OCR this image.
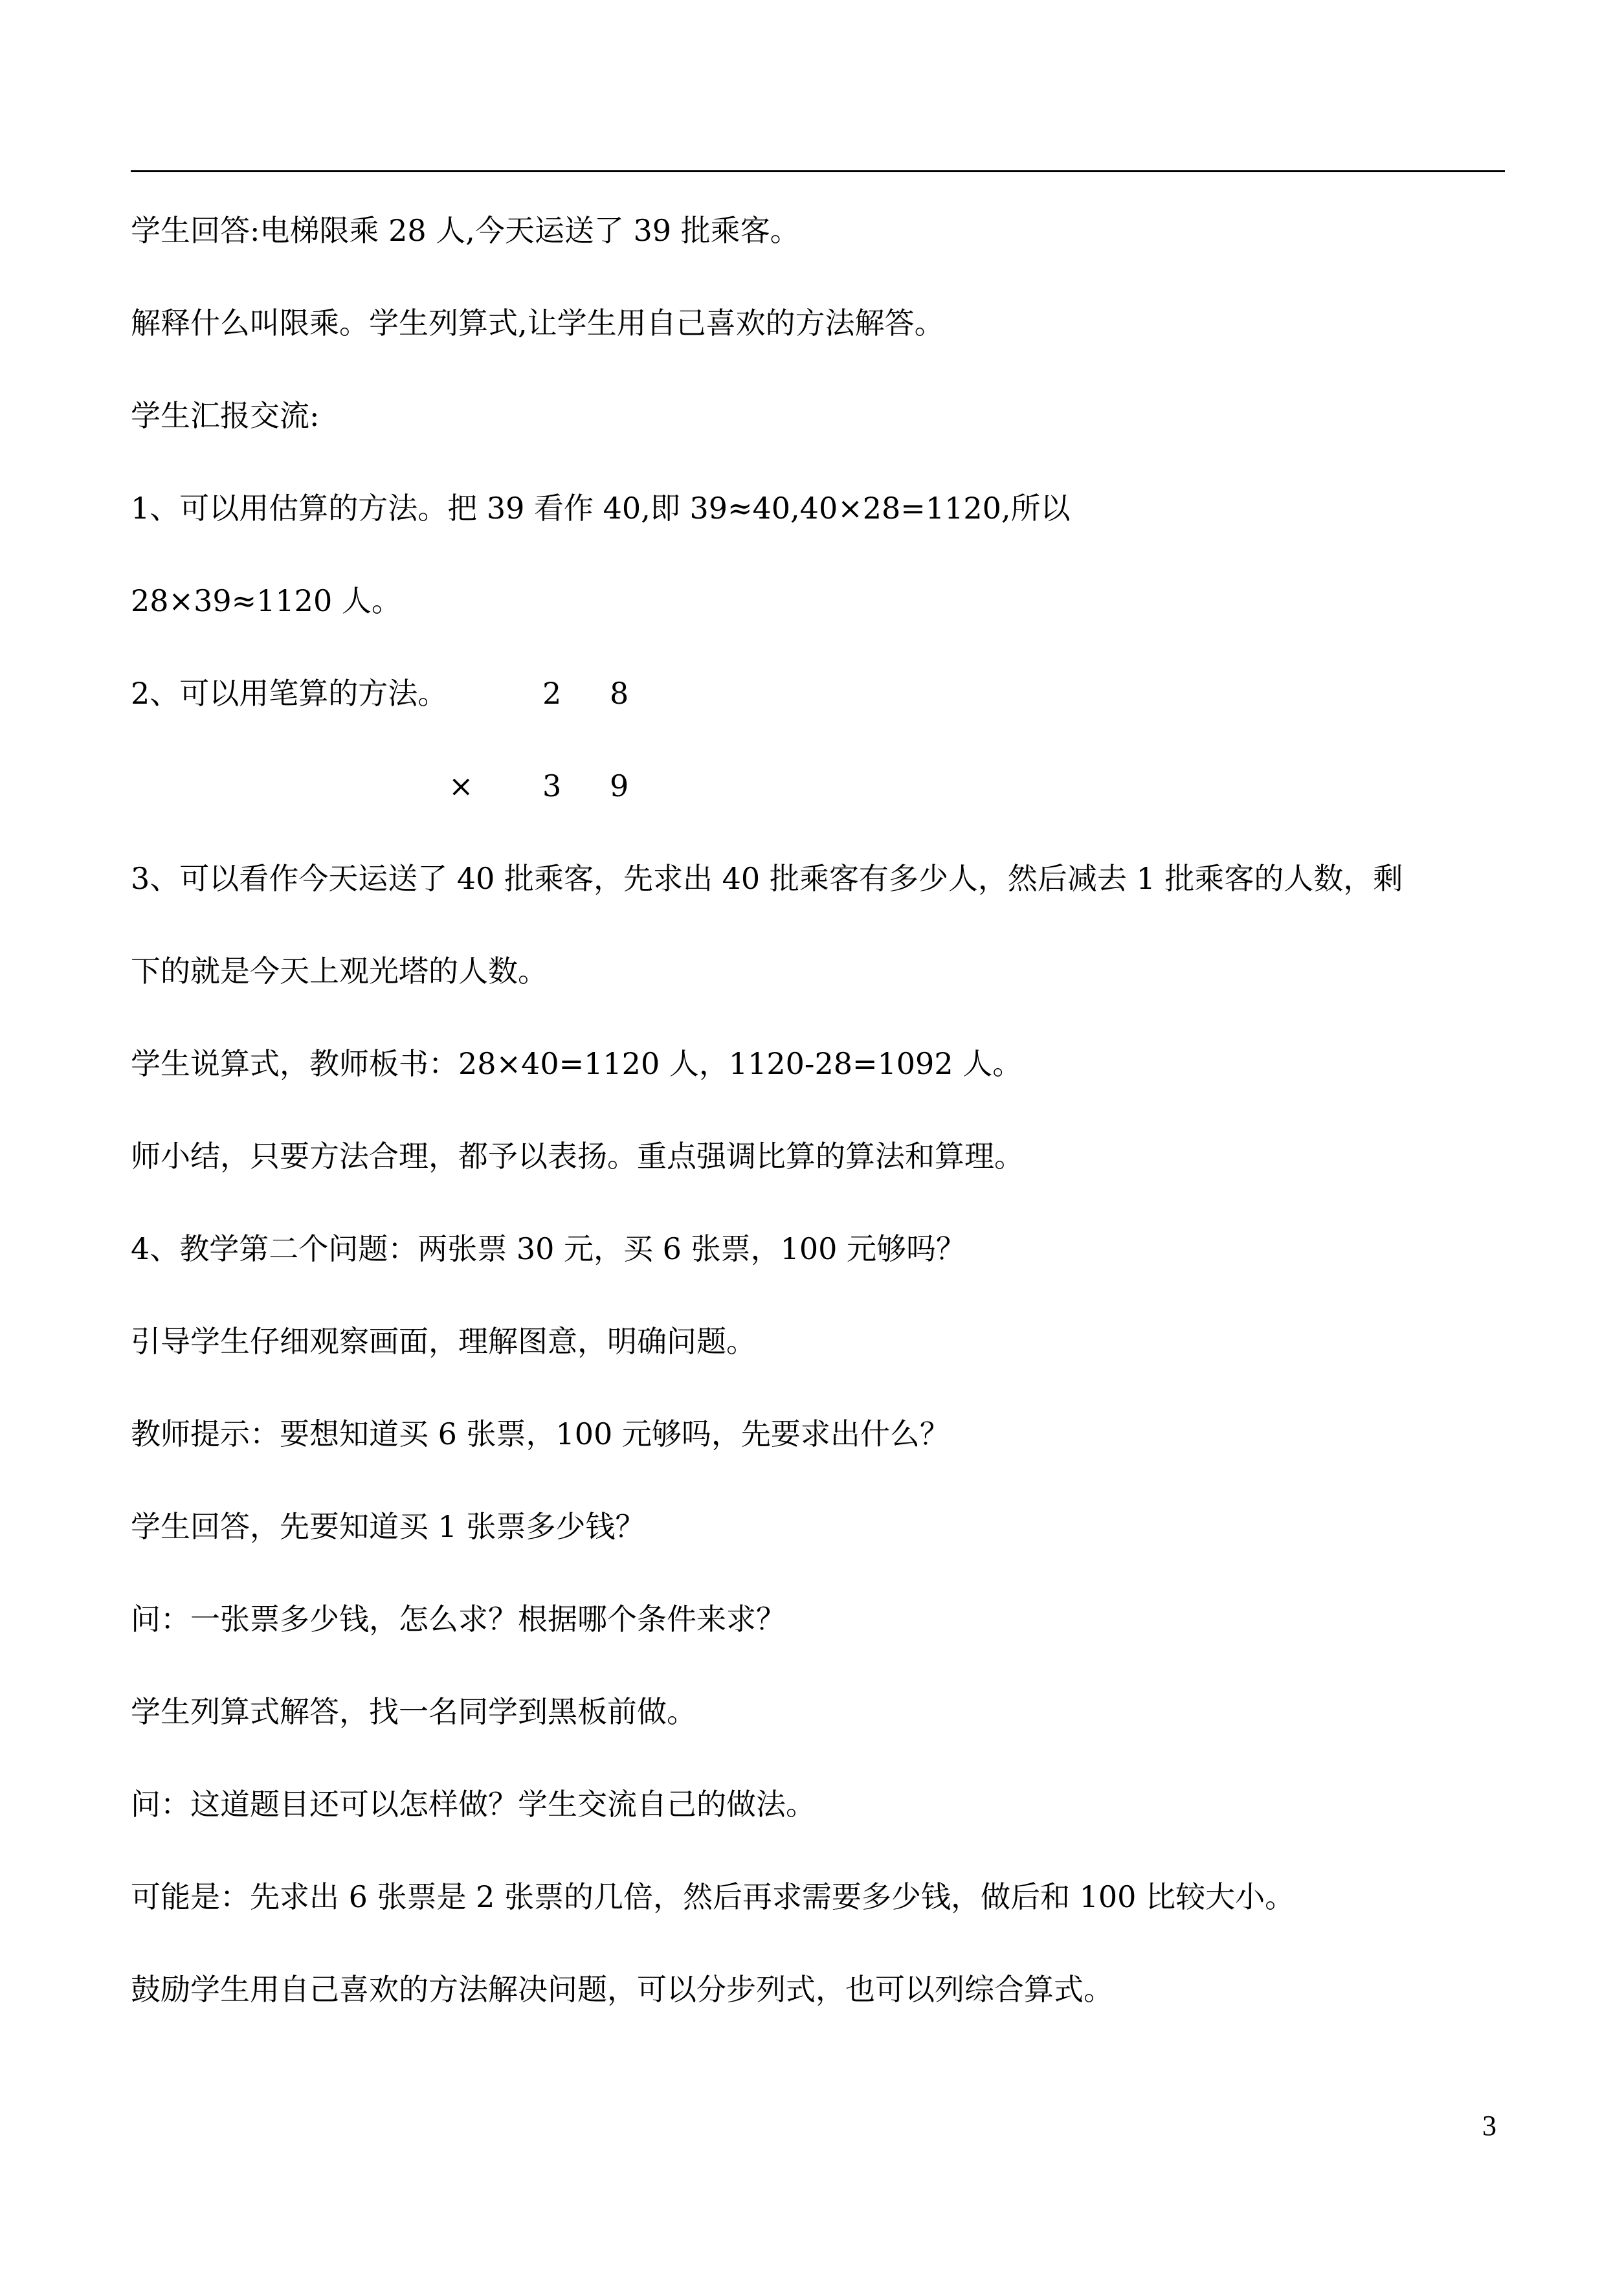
学生回答:电梯限乘 28 人,今天运送了 39 批乘客。
解释什么叫限乘。学生列算式,让学生用自己喜欢的方法解答。
学生汇报交流:
1、可以用估算的方法。把 39 看作 40,即 39≈40,40×28=1120,所以
28×39≈1120 人。
2、可以用笔算的方法。	2 8
× 3 9
3、可以看作今天运送了 40 批乘客，先求出 40 批乘客有多少人，然后减去 1 批乘客的人数，剩
下的就是今天上观光塔的人数。
学生说算式，教师板书：28×40=1120 人，1120-28=1092 人。
师小结，只要方法合理，都予以表扬。重点强调比算的算法和算理。
4、教学第二个问题：两张票 30 元，买 6 张票，100 元够吗？
引导学生仔细观察画面，理解图意，明确问题。
教师提示：要想知道买 6 张票，100 元够吗，先要求出什么？
学生回答，先要知道买 1 张票多少钱？
问：一张票多少钱，怎么求？根据哪个条件来求？
学生列算式解答，找一名同学到黑板前做。
问：这道题目还可以怎样做？学生交流自己的做法。
可能是：先求出 6 张票是 2 张票的几倍，然后再求需要多少钱，做后和 100 比较大小。
鼓励学生用自己喜欢的方法解决问题，可以分步列式，也可以列综合算式。
3
